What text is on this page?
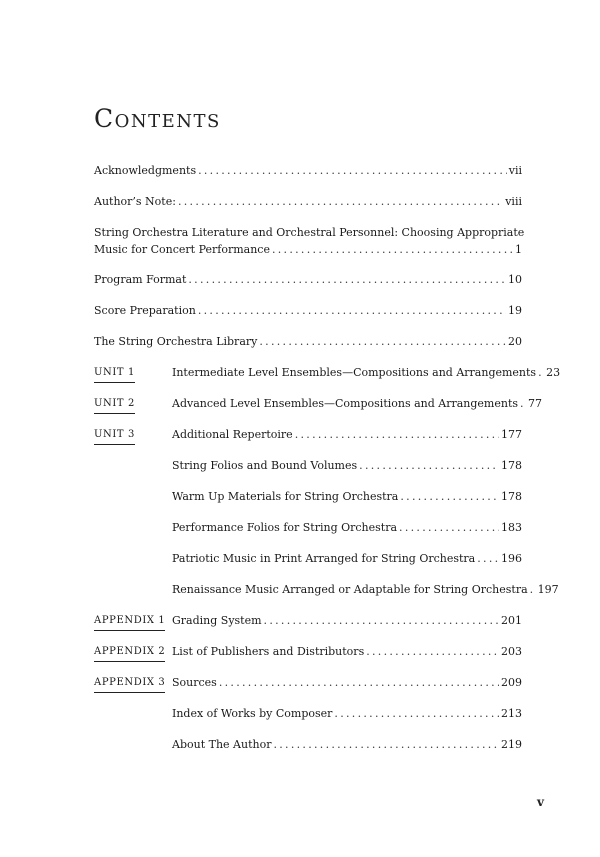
Contents
Acknowledgments . . .	vii
Author’s Note: . . .	viii
String Orchestra Literature and Orchestral Personnel: Choosing Appropriate
Music for Concert Performance . . .	1
Program Format . . .	10
Score Preparation . . .	19
The String Orchestra Library . . .	20
UNIT 1	Intermediate Level Ensembles—Compositions and Arrangements . . . 23
UNIT 2	Advanced Level Ensembles—Compositions and Arrangements . . . 77
UNIT 3	Additional Repertoire . . .	177
String Folios and Bound Volumes . . .	178
Warm Up Materials for String Orchestra . . .	178
Performance Folios for String Orchestra . . .	183
Patriotic Music in Print Arranged for String Orchestra . . . 196
Renaissance Music Arranged or Adaptable for String Orchestra . . . 197
APPENDIX 1 Grading System . . .	201
APPENDIX 2 List of Publishers and Distributors . . .	203
APPENDIX 3 Sources . . .	209
Index of Works by Composer . . .	213
About The Author . . .	219
v
